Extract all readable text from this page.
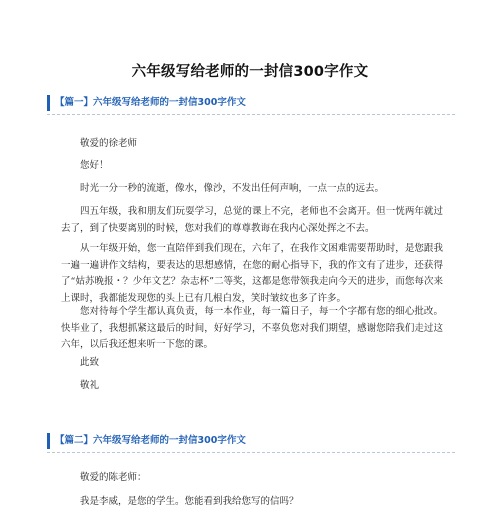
六年级写给老师的一封信300字作文
【篇一】六年级写给老师的一封信300字作文

敬爱的徐老师

您好！

时光一分一秒的流逝，像水，像沙，不发出任何声响，一点一点的远去。

四五年级，我和朋友们玩耍学习，总觉的课上不完，老师也不会离开。但一恍两年就过去了，到了快要离别的时候，您对我们的尊尊教诲在我内心深处挥之不去。

从一年级开始，您一直陪伴到我们现在，六年了，在我作文困难需要帮助时，是您跟我一遍一遍讲作文结构，要表达的思想感情，在您的耐心指导下，我的作文有了进步，还获得了“姑苏晚报・？少年文艺？杂志杯”二等奖，这都是您带领我走向今天的进步，而您每次来上课时，我都能发现您的头上已有几根白发，笑时皱纹也多了许多。

您对待每个学生都认真负责，每一本作业，每一篇日子，每一个字都有您的细心批改。快毕业了，我想抓紧这最后的时间，好好学习，不辜负您对我们期望，感谢您陪我们走过这六年，以后我还想来听一下您的课。

此致

敬礼

【篇二】六年级写给老师的一封信300字作文

敬爱的陈老师：

我是李威，是您的学生。您能看到我给您写的信吗？
